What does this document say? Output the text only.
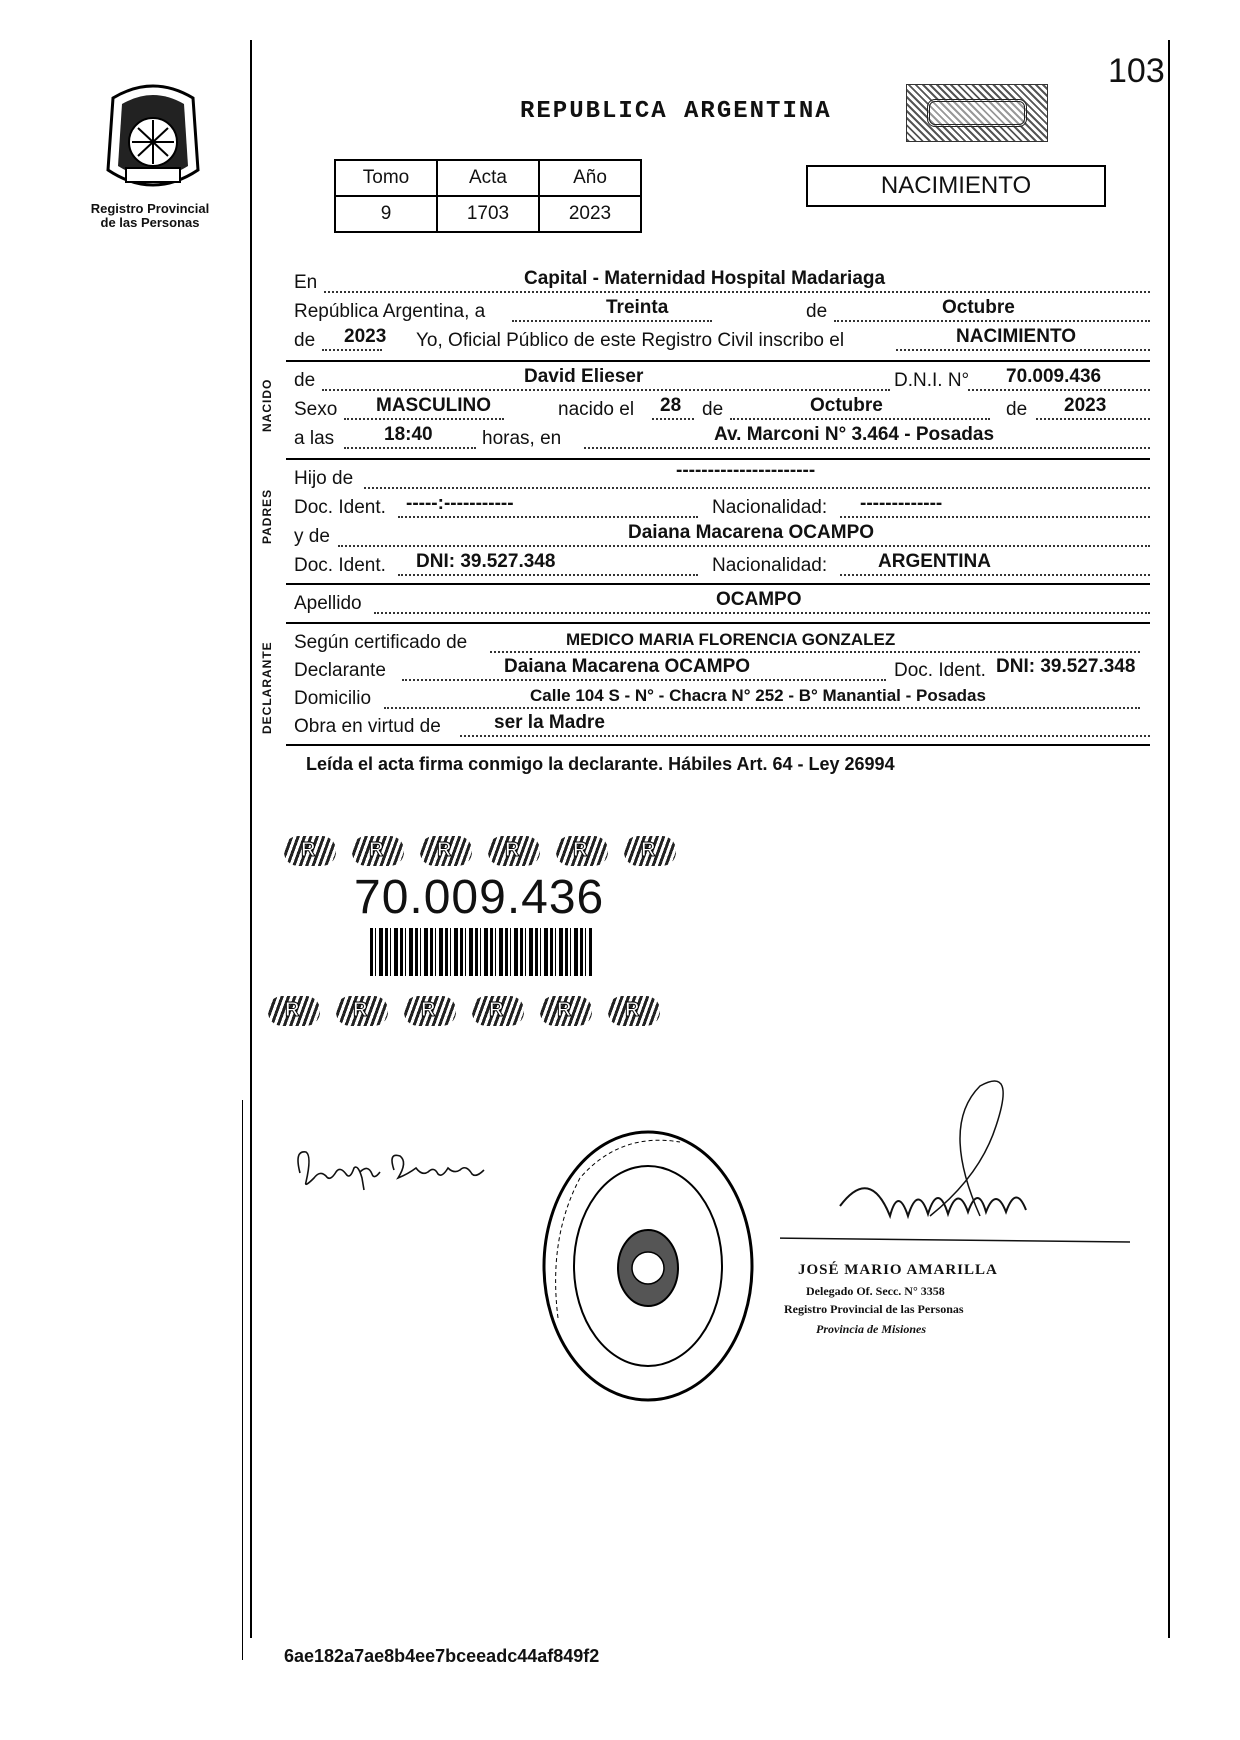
Registro Provincial
de las Personas
103
REPUBLICA ARGENTINA
Tomo	Acta	Año
9	1703	2023
NACIMIENTO
En	Capital - Maternidad Hospital Madariaga
República Argentina, a	Treinta	de	Octubre
de 2023 Yo, Oficial Público de este Registro Civil inscribo el	NACIMIENTO
NACIDO de	David Elieser	D.N.I. N° 70.009.436
Sexo MASCULINO	nacido el 28 de	Octubre	de 2023
a las	18:40	horas, en	Av. Marconi N° 3.464 - Posadas
PADRES
Hijo de	----------------------
Doc. Ident. -----:-----------	Nacionalidad: -------------
y de	Daiana Macarena OCAMPO
Doc. Ident. DNI: 39.527.348	Nacionalidad:	ARGENTINA
Apellido	OCAMPO
DECLARANTE Según certificado de	MEDICO MARIA FLORENCIA GONZALEZ
Declarante	Daiana Macarena OCAMPO	Doc. Ident. DNI: 39.527.348
Domicilio	Calle 104 S - N° - Chacra N° 252 - B° Manantial - Posadas
Obra en virtud de	ser la Madre
Leída el acta firma conmigo la declarante. Hábiles Art. 64 - Ley 26994
RRRRRR
70.009.436
RRRRRR
JOSÉ MARIO AMARILLA
Delegado Of. Secc. N° 3358
Registro Provincial de las Personas
Provincia de Misiones
6ae182a7ae8b4ee7bceeadc44af849f2
